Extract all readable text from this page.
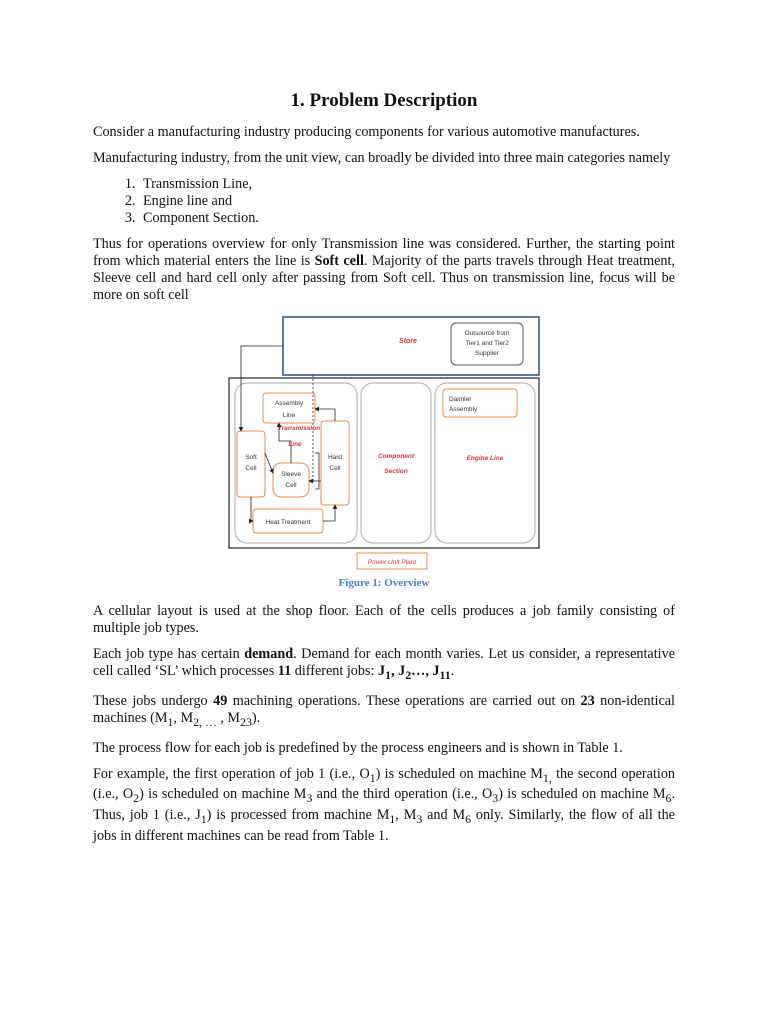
1. Problem Description

Consider a manufacturing industry producing components for various automotive manufactures.

Manufacturing industry, from the unit view, can broadly be divided into three main categories namely

1. Transmission Line,
2. Engine line and
3. Component Section.

Thus for operations overview for only Transmission line was considered. Further, the starting point from which material enters the line is Soft cell. Majority of the parts travels through Heat treatment, Sleeve cell and hard cell only after passing from Soft cell. Thus on transmission line, focus will be more on soft cell

Store
Outsource from
Tier1 and Tier2
Supplier
Assembly
Line
Transmission
Line
Soft
Cell
Sleeve
Cell
Hard
Cell
Heat Treatment
Component
Section
Daimler
Assembly
Engine Line
Power Unit Plant
Figure 1: Overview

A cellular layout is used at the shop floor. Each of the cells produces a job family consisting of multiple job types.

Each job type has certain demand. Demand for each month varies. Let us consider, a representative cell called ‘SL’ which processes 11 different jobs: $J_1$, $J_2\dots$, $J_{11}$.

These jobs undergo 49 machining operations. These operations are carried out on 23 non-identical machines ($M_1$, $M_{2, \dots}$ , $M_{23}$).

The process flow for each job is predefined by the process engineers and is shown in Table 1.

For example, the first operation of job 1 (i.e., $O_1$) is scheduled on machine $M_{1,}$ the second operation (i.e., $O_2$) is scheduled on machine $M_3$ and the third operation (i.e., $O_3$) is scheduled on machine $M_6$. Thus, job 1 (i.e., $J_1$) is processed from machine $M_1$, $M_3$ and $M_6$ only. Similarly, the flow of all the jobs in different machines can be read from Table 1.
